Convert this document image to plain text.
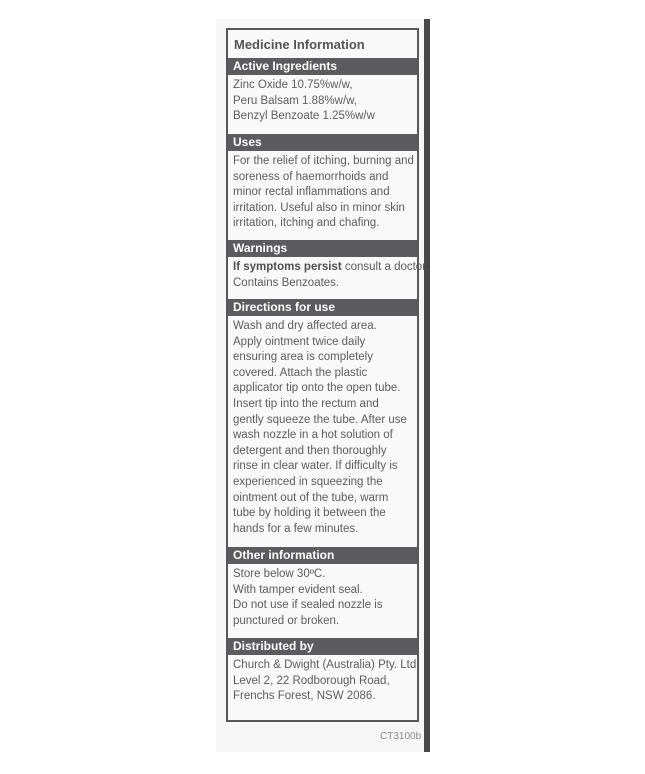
Medicine Information
Active Ingredients
Zinc Oxide 10.75%w/w,
Peru Balsam 1.88%w/w,
Benzyl Benzoate 1.25%w/w
Uses
For the relief of itching, burning and
soreness of haemorrhoids and
minor rectal inflammations and
irritation. Useful also in minor skin
irritation, itching and chafing.
Warnings
If symptoms persist consult a doctor.
Contains Benzoates.
Directions for use
Wash and dry affected area.
Apply ointment twice daily
ensuring area is completely
covered. Attach the plastic
applicator tip onto the open tube.
Insert tip into the rectum and
gently squeeze the tube. After use
wash nozzle in a hot solution of
detergent and then thoroughly
rinse in clear water. If difficulty is
experienced in squeezing the
ointment out of the tube, warm
tube by holding it between the
hands for a few minutes.
Other information
Store below 30ºC.
With tamper evident seal.
Do not use if sealed nozzle is
punctured or broken.
Distributed by
Church & Dwight (Australia) Pty. Ltd.
Level 2, 22 Rodborough Road,
Frenchs Forest, NSW 2086.
CT3100b
